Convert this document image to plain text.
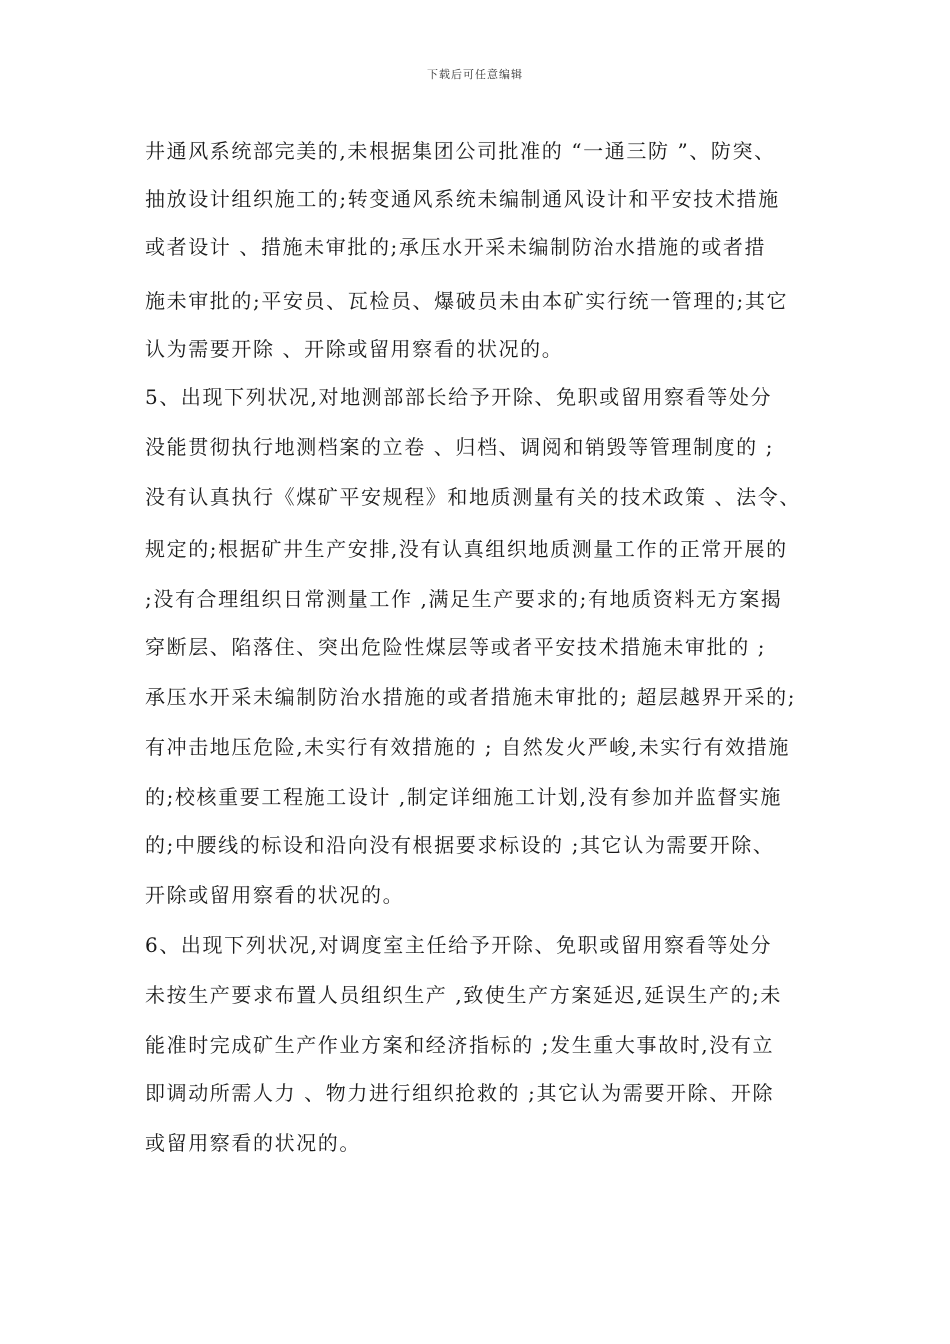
下载后可任意编辑
井通风系统部完美的,未根据集团公司批准的 “一通三防 ”、防突、
抽放设计组织施工的;转变通风系统未编制通风设计和平安技术措施
或者设计 、措施未审批的;承压水开采未编制防治水措施的或者措
施未审批的;平安员、瓦检员、爆破员未由本矿实行统一管理的;其它
认为需要开除 、开除或留用察看的状况的。
5、出现下列状况,对地测部部长给予开除、免职或留用察看等处分
没能贯彻执行地测档案的立卷 、归档、调阅和销毁等管理制度的 ;
没有认真执行《煤矿平安规程》和地质测量有关的技术政策 、法令、
规定的;根据矿井生产安排,没有认真组织地质测量工作的正常开展的
;没有合理组织日常测量工作 ,满足生产要求的;有地质资料无方案揭
穿断层、陷落住、突出危险性煤层等或者平安技术措施未审批的 ;
承压水开采未编制防治水措施的或者措施未审批的; 超层越界开采的;
有冲击地压危险,未实行有效措施的 ; 自然发火严峻,未实行有效措施
的;校核重要工程施工设计 ,制定详细施工计划,没有参加并监督实施
的;中腰线的标设和沿向没有根据要求标设的 ;其它认为需要开除、
开除或留用察看的状况的。
6、出现下列状况,对调度室主任给予开除、免职或留用察看等处分
未按生产要求布置人员组织生产 ,致使生产方案延迟,延误生产的;未
能准时完成矿生产作业方案和经济指标的 ;发生重大事故时,没有立
即调动所需人力 、物力进行组织抢救的 ;其它认为需要开除、开除
或留用察看的状况的。
